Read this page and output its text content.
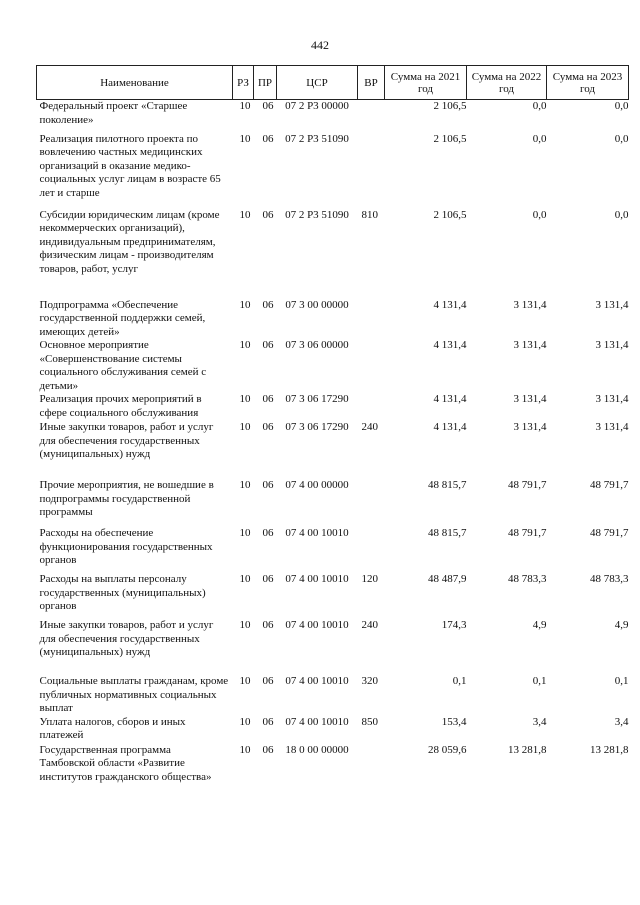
442
Наименование	РЗ	ПР	ЦСР	ВР	Сумма на 2021 год	Сумма на 2022 год	Сумма на 2023 год
Федеральный проект «Старшее поколение»	10	06	07 2 P3 00000		2 106,5	0,0	0,0
Реализация пилотного проекта по вовлечению частных медицинских организаций в оказание медико-социальных услуг лицам в возрасте 65 лет и старше	10	06	07 2 P3 51090		2 106,5	0,0	0,0
Субсидии юридическим лицам (кроме некоммерческих организаций), индивидуальным предпринимателям, физическим лицам - производителям товаров, работ, услуг	10	06	07 2 P3 51090	810	2 106,5	0,0	0,0
Подпрограмма «Обеспечение государственной поддержки семей, имеющих детей»	10	06	07 3 00 00000		4 131,4	3 131,4	3 131,4
Основное мероприятие «Совершенствование системы социального обслуживания семей с детьми»	10	06	07 3 06 00000		4 131,4	3 131,4	3 131,4
Реализация прочих мероприятий в сфере социального обслуживания	10	06	07 3 06 17290		4 131,4	3 131,4	3 131,4
Иные закупки товаров, работ и услуг для обеспечения государственных (муниципальных) нужд	10	06	07 3 06 17290	240	4 131,4	3 131,4	3 131,4
Прочие мероприятия, не вошедшие в подпрограммы государственной программы	10	06	07 4 00 00000		48 815,7	48 791,7	48 791,7
Расходы на обеспечение функционирования государственных органов	10	06	07 4 00 10010		48 815,7	48 791,7	48 791,7
Расходы на выплаты персоналу государственных (муниципальных) органов	10	06	07 4 00 10010	120	48 487,9	48 783,3	48 783,3
Иные закупки товаров, работ и услуг для обеспечения государственных (муниципальных) нужд	10	06	07 4 00 10010	240	174,3	4,9	4,9
Социальные выплаты гражданам, кроме публичных нормативных социальных выплат	10	06	07 4 00 10010	320	0,1	0,1	0,1
Уплата налогов, сборов и иных платежей	10	06	07 4 00 10010	850	153,4	3,4	3,4
Государственная программа Тамбовской области «Развитие институтов гражданского общества»	10	06	18 0 00 00000		28 059,6	13 281,8	13 281,8
